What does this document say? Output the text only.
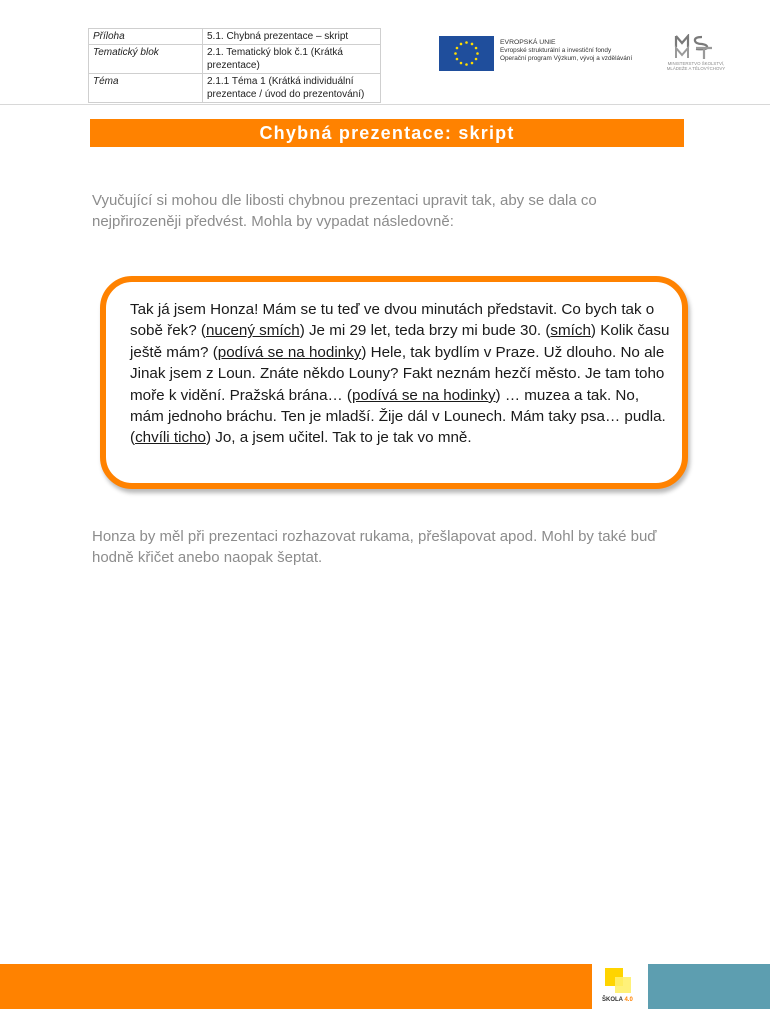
Příloha	5.1. Chybná prezentace – skript
Tematický blok	2.1. Tematický blok č.1 (Krátká prezentace)
Téma	2.1.1 Téma 1 (Krátká individuální prezentace / úvod do prezentování)
EVROPSKÁ UNIE
Evropské strukturální a investiční fondy
Operační program Výzkum, vývoj a vzdělávání
MINISTERSTVO ŠKOLSTVÍ,
MLÁDEŽE A TĚLOVÝCHOVY
Chybná prezentace: skript

Vyučující si mohou dle libosti chybnou prezentaci upravit tak, aby se dala co nejpřirozeněji předvést. Mohla by vypadat následovně:

Tak já jsem Honza! Mám se tu teď ve dvou minutách představit. Co bych tak o sobě řek? (nucený smích) Je mi 29 let, teda brzy mi bude 30. (smích) Kolik času ještě mám? (podívá se na hodinky) Hele, tak bydlím v Praze. Už dlouho. No ale Jinak jsem z Loun. Znáte někdo Louny? Fakt neznám hezčí město. Je tam toho moře k vidění. Pražská brána… (podívá se na hodinky) … muzea a tak. No, mám jednoho bráchu. Ten je mladší. Žije dál v Lounech. Mám taky psa… pudla. (chvíli ticho) Jo, a jsem učitel. Tak to je tak vo mně.

Honza by měl při prezentaci rozhazovat rukama, přešlapovat apod. Mohl by také buď hodně křičet anebo naopak šeptat.

ŠKOLA 4.0
